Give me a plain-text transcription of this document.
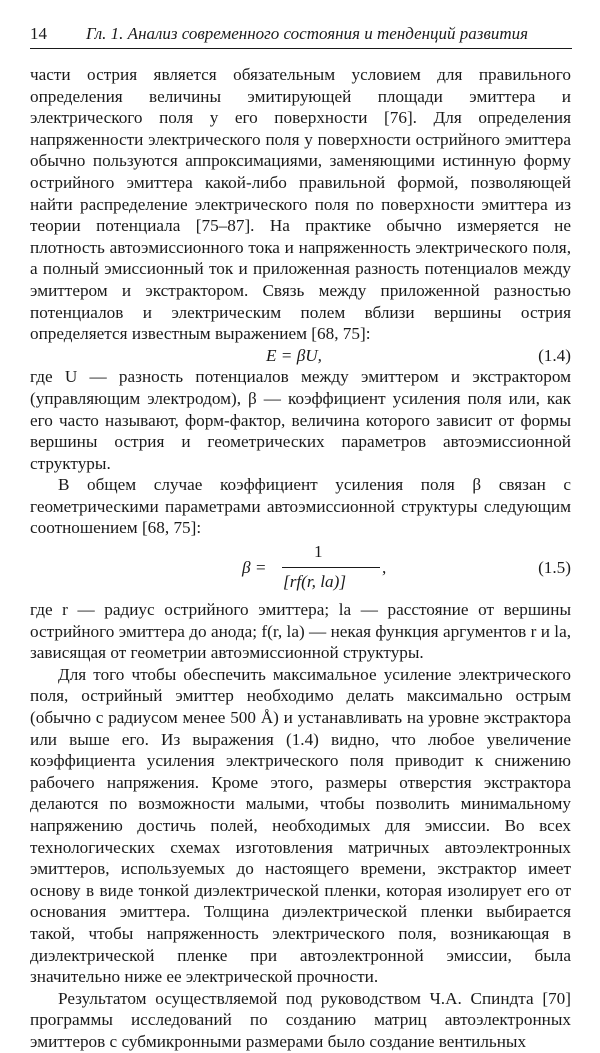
14 Гл. 1. Анализ современного состояния и тенденций развития

части острия является обязательным условием для правильного определения величины эмитирующей площади эмиттера и электрического поля у его поверхности [76]. Для определения напряженности электрического поля у поверхности острийного эмиттера обычно пользуются аппроксимациями, заменяющими истинную форму острийного эмиттера какой-либо правильной формой, позволяющей найти распределение электрического поля по поверхности эмиттера из теории потенциала [75–87]. На практике обычно измеряется не плотность автоэмиссионного тока и напряженность электрического поля, а полный эмиссионный ток и приложенная разность потенциалов между эмиттером и экстрактором. Связь между приложенной разностью потенциалов и электрическим полем вблизи вершины острия определяется известным выражением [68, 75]:

E = βU,	(1.4)

где U — разность потенциалов между эмиттером и экстрактором (управляющим электродом), β — коэффициент усиления поля или, как его часто называют, форм-фактор, величина которого зависит от формы вершины острия и геометрических параметров автоэмиссионной структуры.

В общем случае коэффициент усиления поля β связан с геометрическими параметрами автоэмиссионной структуры следующим соотношением [68, 75]:

β =
1
[rf(r, la)]
,	(1.5)

где r — радиус острийного эмиттера; la — расстояние от вершины острийного эмиттера до анода; f(r, la) — некая функция аргументов r и la, зависящая от геометрии автоэмиссионной структуры.

Для того чтобы обеспечить максимальное усиление электрического поля, острийный эмиттер необходимо делать максимально острым (обычно с радиусом менее 500 Å) и устанавливать на уровне экстрактора или выше его. Из выражения (1.4) видно, что любое увеличение коэффициента усиления электрического поля приводит к снижению рабочего напряжения. Кроме этого, размеры отверстия экстрактора делаются по возможности малыми, чтобы позволить минимальному напряжению достичь полей, необходимых для эмиссии. Во всех технологических схемах изготовления матричных автоэлектронных эмиттеров, используемых до настоящего времени, экстрактор имеет основу в виде тонкой диэлектрической пленки, которая изолирует его от основания эмиттера. Толщина диэлектрической пленки выбирается такой, чтобы напряженность электрического поля, возникающая в диэлектрической пленке при автоэлектронной эмиссии, была значительно ниже ее электрической прочности.

Результатом осуществляемой под руководством Ч.А. Спиндта [70] программы исследований по созданию матриц автоэлектронных эмиттеров с субмикронными размерами было создание вентильных
